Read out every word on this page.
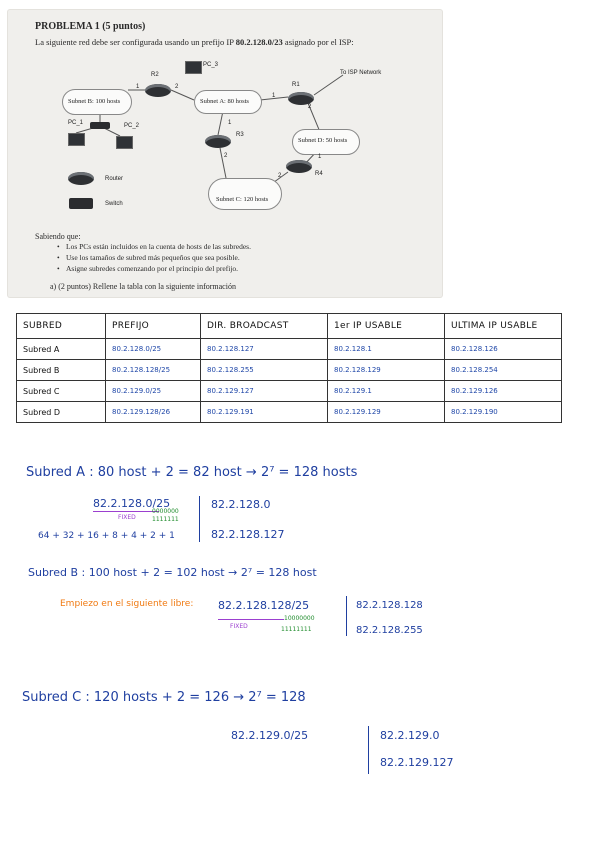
PROBLEMA 1 (5 puntos)
La siguiente red debe ser configurada usando un prefijo IP 80.2.128.0/23 asignado por el ISP:
Subnet B: 100 hosts	Subnet A: 80 hosts
Subnet D: 50 hosts
Subnet C: 120 hosts
R2
1	2	R1
1
2
To ISP Network
R3
1
2
R4
1
2
PC_3
PC_1	PC_2
Router
Switch
Sabiendo que:
• Los PCs están incluidos en la cuenta de hosts de las subredes.
• Use los tamaños de subred más pequeños que sea posible.
• Asigne subredes comenzando por el principio del prefijo.
a) (2 puntos) Rellene la tabla con la siguiente información
SUBRED	PREFIJO	DIR. BROADCAST	1er IP USABLE	ULTIMA IP USABLE
Subred A	80.2.128.0/25	80.2.128.127	80.2.128.1	80.2.128.126
Subred B	80.2.128.128/25	80.2.128.255	80.2.128.129	80.2.128.254
Subred C	80.2.129.0/25	80.2.129.127	80.2.129.1	80.2.129.126
Subred D	80.2.129.128/26	80.2.129.191	80.2.129.129	80.2.129.190
Subred A : 80 host + 2 = 82 host → 2⁷ = 128 hosts
82.2.128.0/25
FIXED
0000000
1111111
64 + 32 + 16 + 8 + 4 + 2 + 1
82.2.128.0
82.2.128.127
Subred B : 100 host + 2 = 102 host → 2⁷ = 128 host
Empiezo en el siguiente libre: 82.2.128.128/25
10000000
FIXED	11111111
82.2.128.128
82.2.128.255
Subred C : 120 hosts + 2 = 126 → 2⁷ = 128
82.2.129.0/25	82.2.129.0
82.2.129.127
